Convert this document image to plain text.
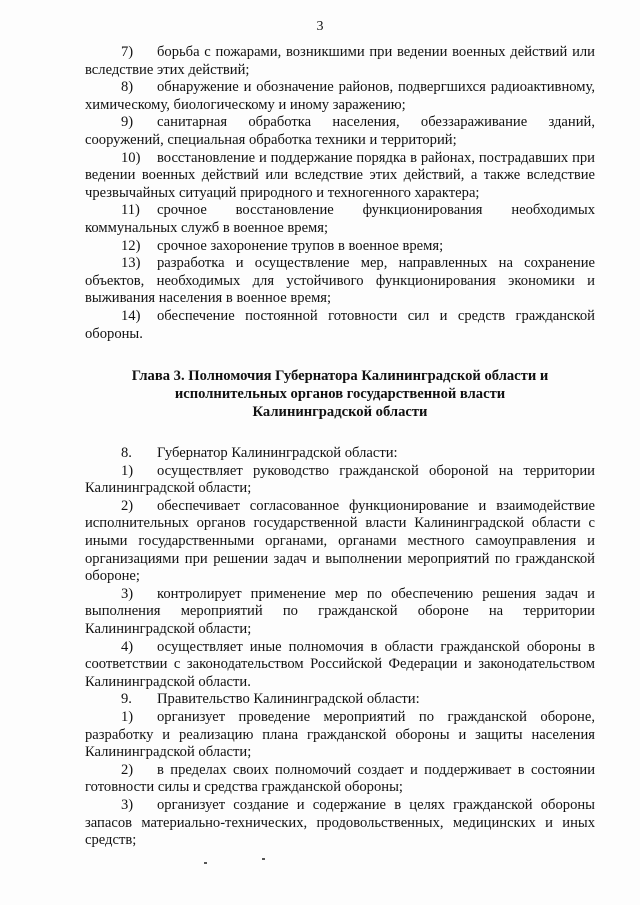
3

7) борьба с пожарами, возникшими при ведении военных действий или вследствие этих действий;

8) обнаружение и обозначение районов, подвергшихся радиоактивному, химическому, биологическому и иному заражению;

9) санитарная обработка населения, обеззараживание зданий, сооружений, специальная обработка техники и территорий;

10) восстановление и поддержание порядка в районах, пострадавших при ведении военных действий или вследствие этих действий, а также вследствие чрезвычайных ситуаций природного и техногенного характера;

11) срочное восстановление функционирования необходимых коммунальных служб в военное время;

12) срочное захоронение трупов в военное время;

13) разработка и осуществление мер, направленных на сохранение объектов, необходимых для устойчивого функционирования экономики и выживания населения в военное время;

14) обеспечение постоянной готовности сил и средств гражданской обороны.

Глава 3. Полномочия Губернатора Калининградской области и
исполнительных органов государственной власти
Калининградской области

8. Губернатор Калининградской области:

1) осуществляет руководство гражданской обороной на территории Калининградской области;

2) обеспечивает согласованное функционирование и взаимодействие исполнительных органов государственной власти Калининградской области с иными государственными органами, органами местного самоуправления и организациями при решении задач и выполнении мероприятий по гражданской обороне;

3) контролирует применение мер по обеспечению решения задач и выполнения мероприятий по гражданской обороне на территории Калининградской области;

4) осуществляет иные полномочия в области гражданской обороны в соответствии с законодательством Российской Федерации и законодательством Калининградской области.

9. Правительство Калининградской области:

1) организует проведение мероприятий по гражданской обороне, разработку и реализацию плана гражданской обороны и защиты населения Калининградской области;

2) в пределах своих полномочий создает и поддерживает в состоянии готовности силы и средства гражданской обороны;

3) организует создание и содержание в целях гражданской обороны запасов материально-технических, продовольственных, медицинских и иных средств;
